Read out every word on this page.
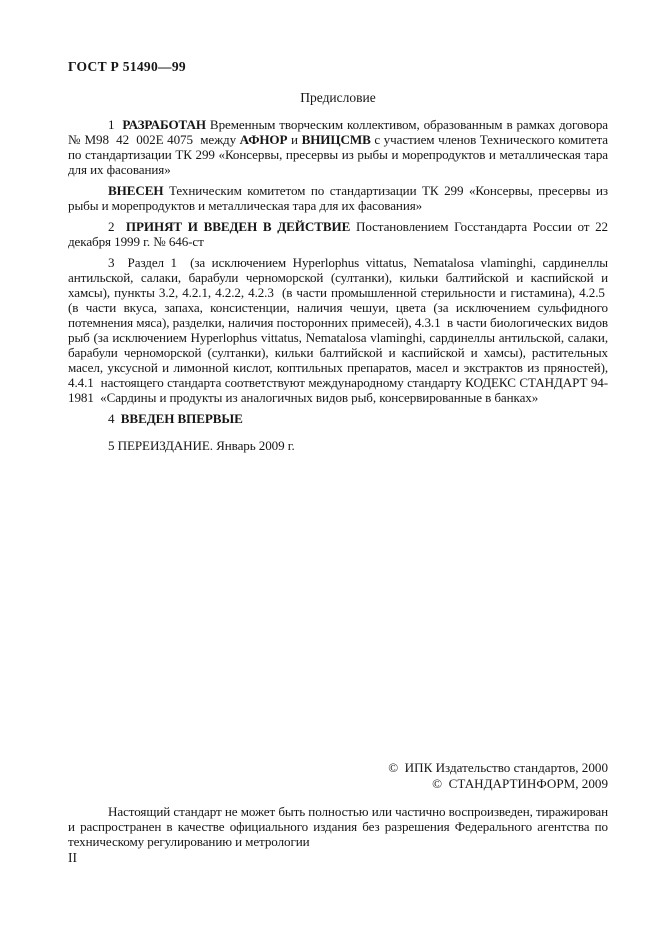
ГОСТ Р 51490—99
Предисловие

1  РАЗРАБОТАН Временным творческим коллективом, образованным в рамках договора № М98  42  002Е 4075  между АФНОР и ВНИЦСМВ с участием членов Технического комитета по стандартизации ТК 299 «Консервы, пресервы из рыбы и морепродуктов и металлическая тара для их фасования»

ВНЕСЕН Техническим комитетом по стандартизации ТК 299 «Консервы, пресервы из рыбы и морепродуктов и металлическая тара для их фасования»

2  ПРИНЯТ И ВВЕДЕН В ДЕЙСТВИЕ Постановлением Госстандарта России от 22 декабря 1999 г. № 646-ст

3  Раздел 1  (за исключением Hyperlophus vittatus, Nematalosa vlaminghi, сардинеллы антильской, салаки, барабули черноморской (султанки), кильки балтийской и каспийской и хамсы), пункты 3.2, 4.2.1, 4.2.2, 4.2.3  (в части промышленной стерильности и гистамина), 4.2.5  (в части вкуса, запаха, консистенции, наличия чешуи, цвета (за исключением сульфидного потемнения мяса), разделки, наличия посторонних примесей), 4.3.1  в части биологических видов рыб (за исключением Hyperlophus vittatus, Nematalosa vlaminghi, сардинеллы антильской, салаки, барабули черноморской (султанки), кильки балтийской и каспийской и хамсы), растительных масел, уксусной и лимонной кислот, коптильных препаратов, масел и экстрактов из пряностей), 4.4.1  настоящего стандарта соответствуют международному стандарту КОДЕКС СТАНДАРТ 94-1981  «Сардины и продукты из аналогичных видов рыб, консервированные в банках»

4  ВВЕДЕН ВПЕРВЫЕ

5 ПЕРЕИЗДАНИЕ. Январь 2009 г.

©  ИПК Издательство стандартов, 2000
©  СТАНДАРТИНФОРМ, 2009
Настоящий стандарт не может быть полностью или частично воспроизведен, тиражирован и распространен в качестве официального издания без разрешения Федерального агентства по техническому регулированию и метрологии
II
